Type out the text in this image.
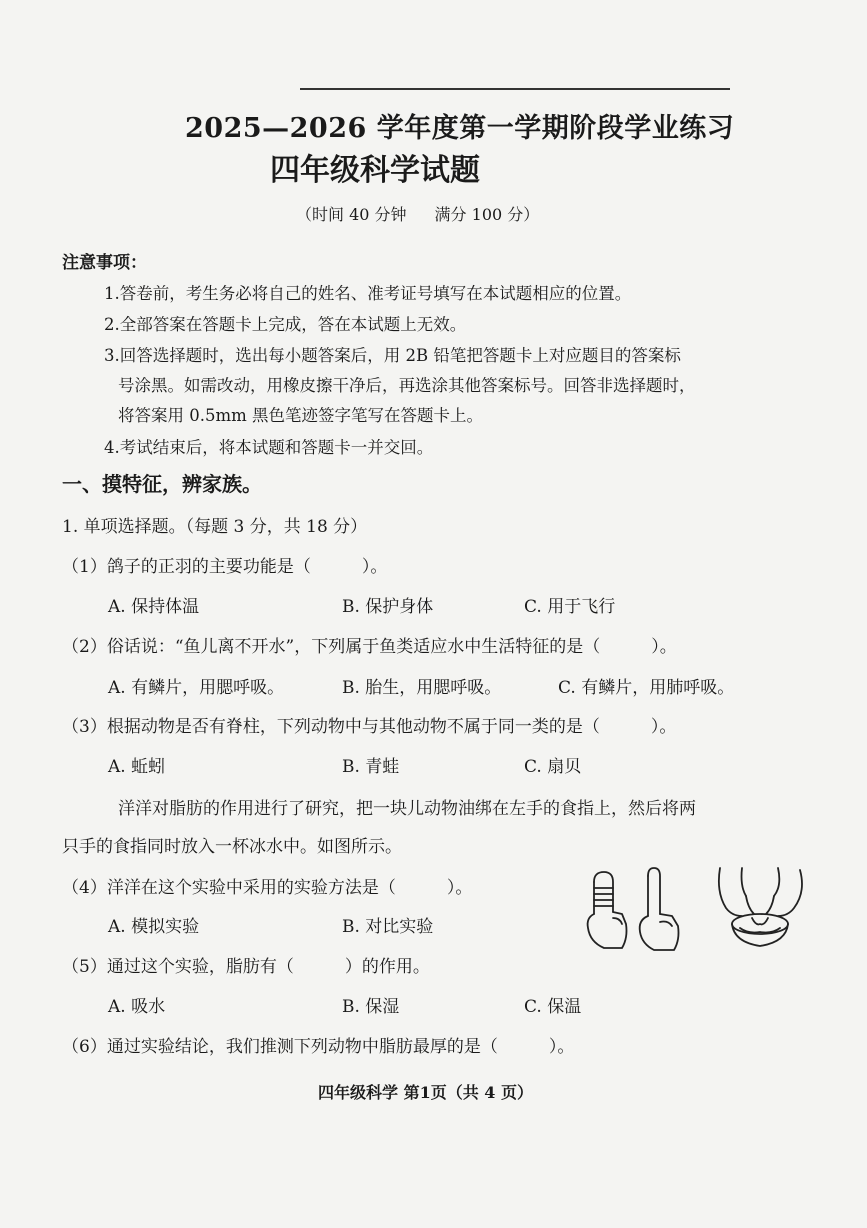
2025—2026 学年度第一学期阶段学业练习
四年级科学试题
（时间 40 分钟 满分 100 分）
注意事项：
1.答卷前，考生务必将自己的姓名、准考证号填写在本试题相应的位置。
2.全部答案在答题卡上完成，答在本试题上无效。
3.回答选择题时，选出每小题答案后，用 2B 铅笔把答题卡上对应题目的答案标
号涂黑。如需改动，用橡皮擦干净后，再选涂其他答案标号。回答非选择题时，
将答案用 0.5mm 黑色笔迹签字笔写在答题卡上。
4.考试结束后，将本试题和答题卡一并交回。
一、摸特征，辨家族。
1. 单项选择题。（每题 3 分，共 18 分）
（1）鸽子的正羽的主要功能是（　　　）。
A. 保持体温	B. 保护身体	C. 用于飞行
（2）俗话说：“鱼儿离不开水”，下列属于鱼类适应水中生活特征的是（　　　）。
A. 有鳞片，用腮呼吸。	B. 胎生，用腮呼吸。	C. 有鳞片，用肺呼吸。
（3）根据动物是否有脊柱，下列动物中与其他动物不属于同一类的是（　　　）。
A. 蚯蚓	B. 青蛙	C. 扇贝
洋洋对脂肪的作用进行了研究，把一块儿动物油绑在左手的食指上，然后将两
只手的食指同时放入一杯冰水中。如图所示。
（4）洋洋在这个实验中采用的实验方法是（　　　）。
A. 模拟实验	B. 对比实验
（5）通过这个实验，脂肪有（　　　）的作用。
A. 吸水	B. 保湿	C. 保温
（6）通过实验结论，我们推测下列动物中脂肪最厚的是（　　　）。
四年级科学 第1页（共 4 页）
